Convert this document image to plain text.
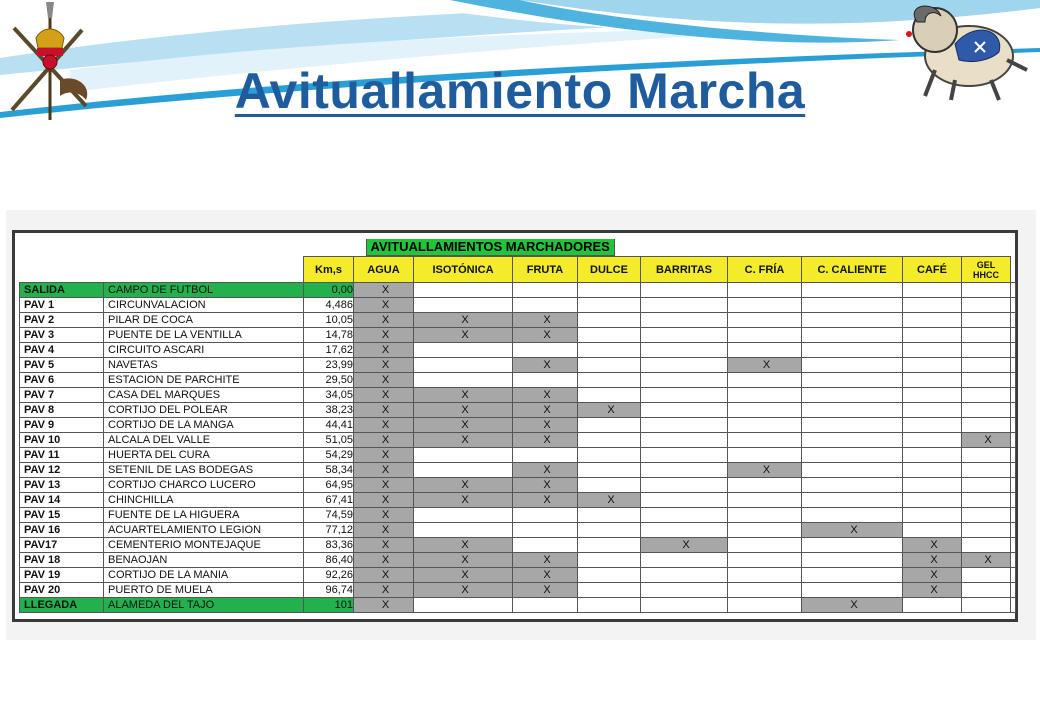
Avituallamiento Marcha
		AVITUALLAMIENTOS MARCHADORES										
		Km,s	AGUA	ISOTÓNICA	FRUTA	DULCE	BARRITAS	C. FRÍA	C. CALIENTE	CAFÉ	GEL
HHCC	

SALIDA	CAMPO DE FUTBOL	0,00	X									
PAV 1	CIRCUNVALACION	4,486	X									
PAV 2	PILAR DE COCA	10,05	X	X	X							
PAV 3	PUENTE DE LA VENTILLA	14,78	X	X	X							
PAV 4	CIRCUITO ASCARI	17,62	X									
PAV 5	NAVETAS	23,99	X		X			X				
PAV 6	ESTACION DE PARCHITE	29,50	X									
PAV 7	CASA DEL MARQUES	34,05	X	X	X							
PAV 8	CORTIJO DEL POLEAR	38,23	X	X	X	X						
PAV 9	CORTIJO DE LA MANGA	44,41	X	X	X							
PAV 10	ALCALA DEL VALLE	51,05	X	X	X						X	
PAV 11	HUERTA DEL CURA	54,29	X									
PAV 12	SETENIL DE LAS BODEGAS	58,34	X		X			X				
PAV 13	CORTIJO CHARCO LUCERO	64,95	X	X	X							
PAV 14	CHINCHILLA	67,41	X	X	X	X						
PAV 15	FUENTE DE LA HIGUERA	74,59	X									
PAV 16	ACUARTELAMIENTO LEGION	77,12	X						X			
PAV17	CEMENTERIO MONTEJAQUE	83,36	X	X			X			X		
PAV 18	BENAOJAN	86,40	X	X	X					X	X	
PAV 19	CORTIJO DE LA MANIA	92,26	X	X	X					X		
PAV 20	PUERTO DE MUELA	96,74	X	X	X					X		
LLEGADA	ALAMEDA DEL TAJO	101	X						X			
